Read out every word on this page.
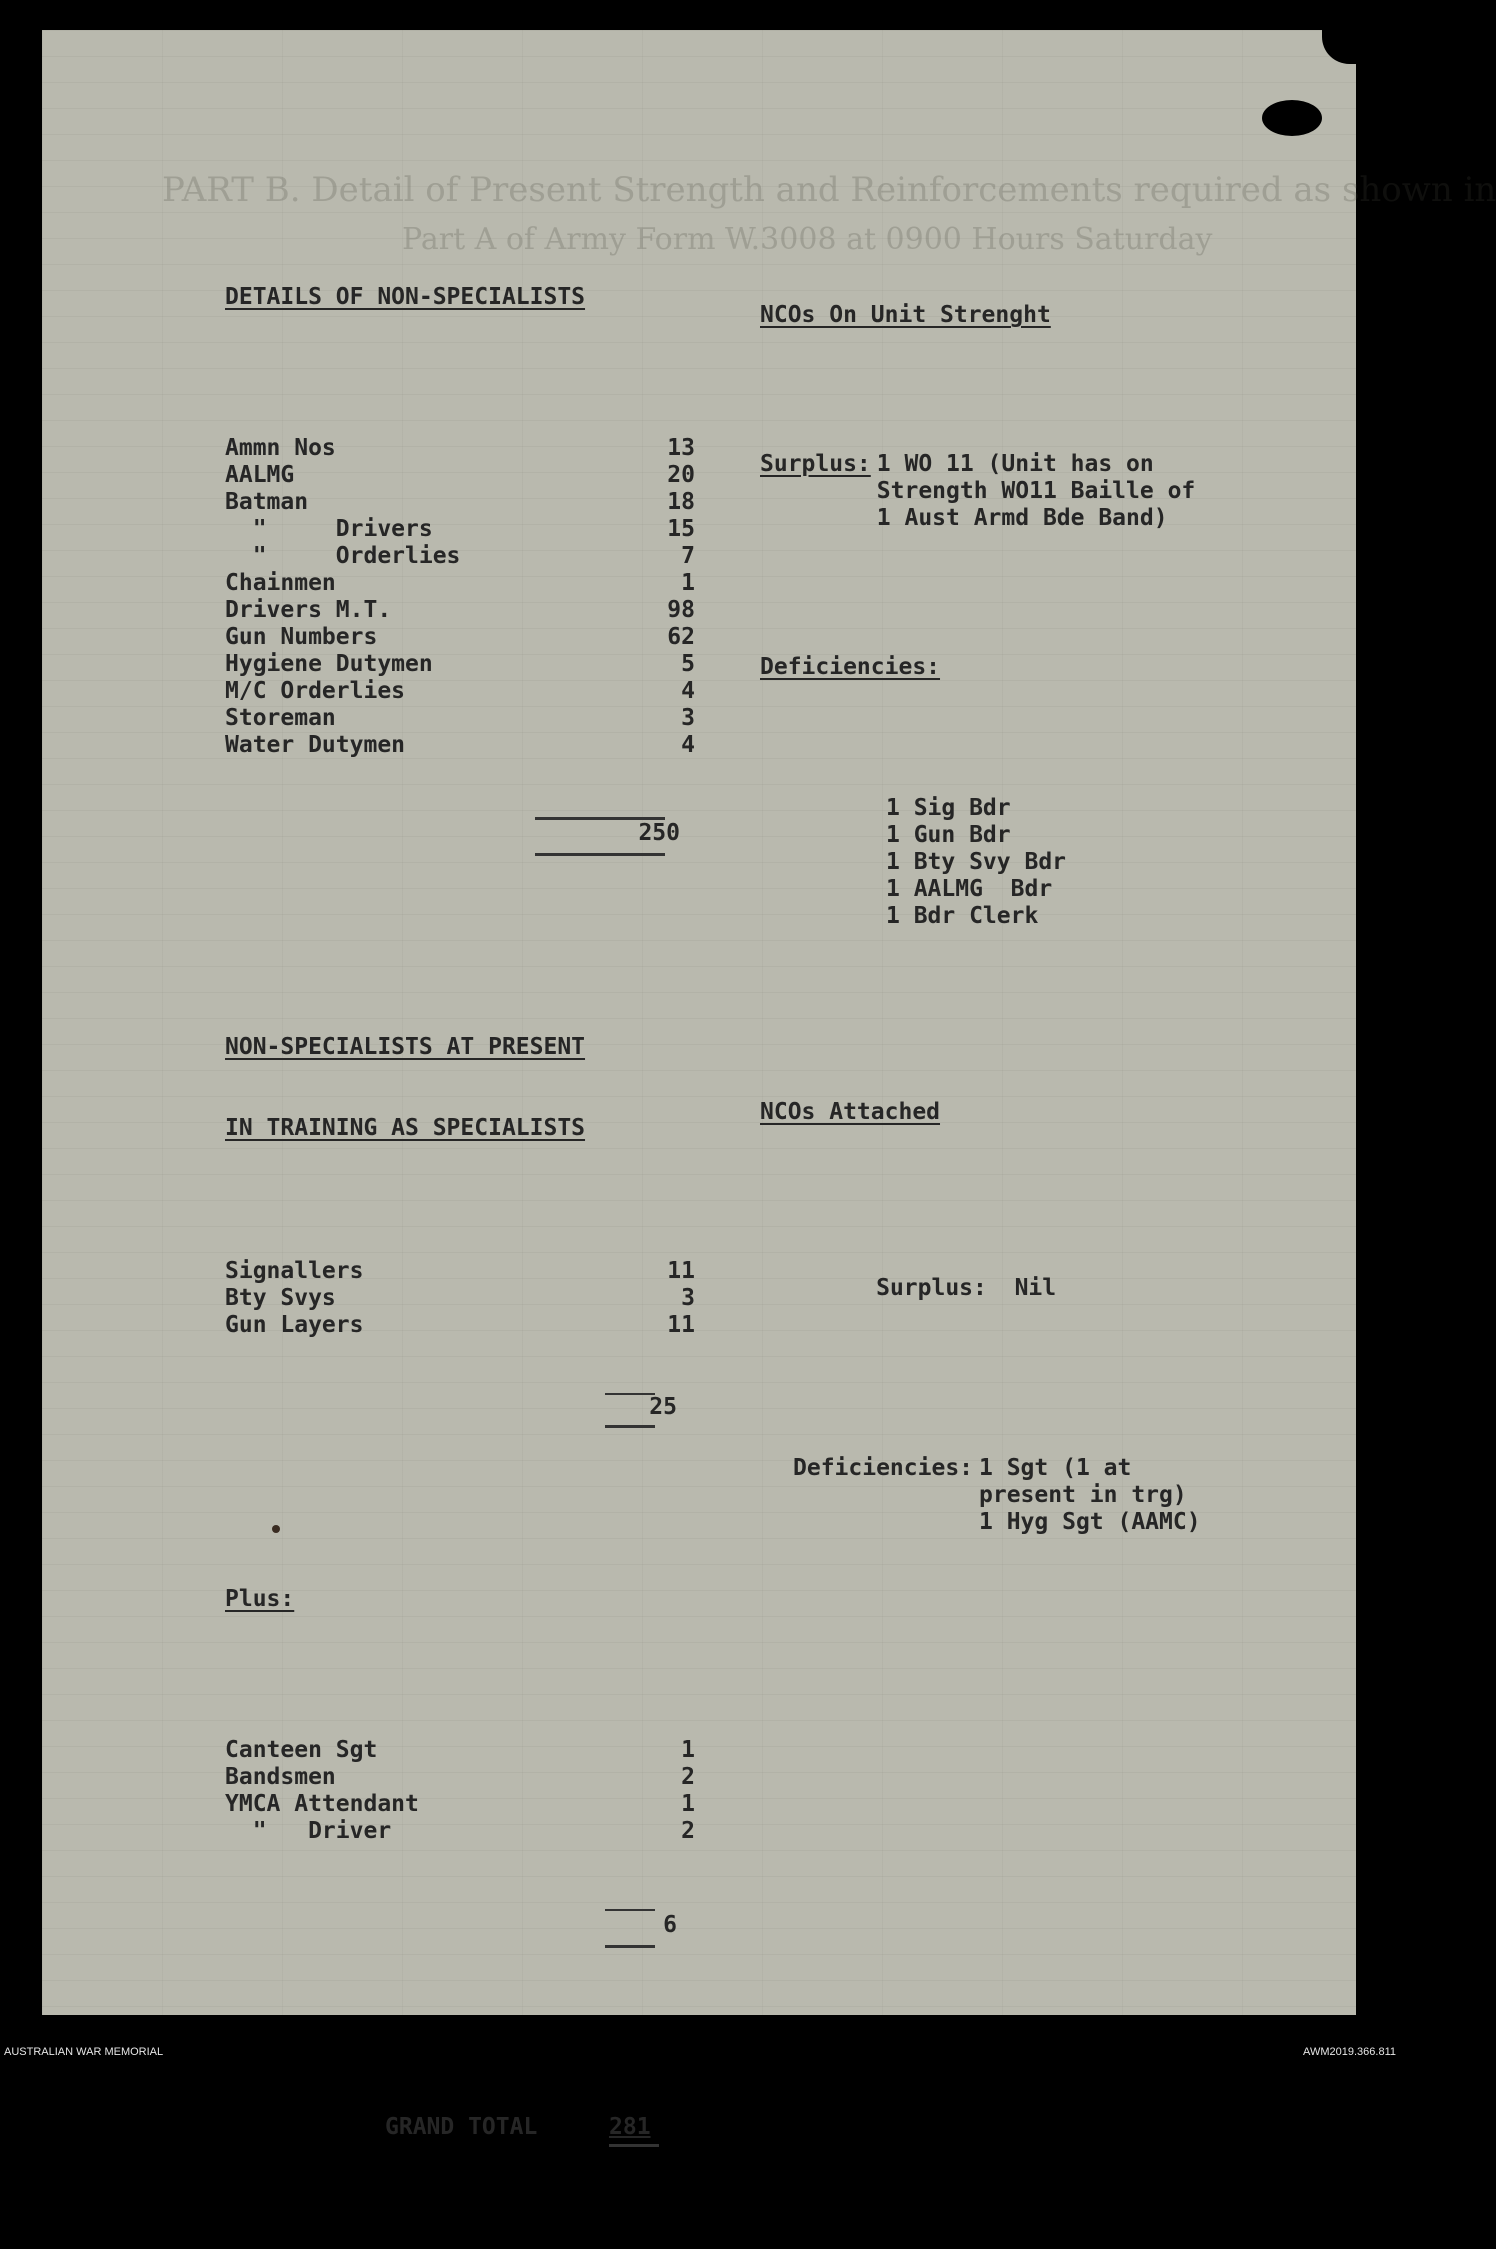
PART B. Detail of Present Strength and Reinforcements required as shown in
Part A of Army Form W.3008 at 0900 Hours Saturday

DETAILS OF NON-SPECIALISTS

Ammn Nos	13
AALMG	20
Batman	18
"     Drivers	15
"     Orderlies	7
Chainmen	1
Drivers M.T.	98
Gun Numbers	62
Hygiene Dutymen	5
M/C Orderlies	4
Storeman	3
Water Dutymen	4

250

NON-SPECIALISTS AT PRESENT

IN TRAINING AS SPECIALISTS

Signallers	11
Bty Svys	3
Gun Layers	11

25

Plus:

Canteen Sgt	1
Bandsmen	2
YMCA Attendant	1
"   Driver	2

6

GRAND TOTAL

	281

NCOs On Unit Strenght

Surplus: 1 WO 11 (Unit has on
Strength WO11 Baille of
1 Aust Armd Bde Band)

Deficiencies:

1 Sig Bdr
1 Gun Bdr
1 Bty Svy Bdr
1 AALMG  Bdr
1 Bdr Clerk

NCOs Attached

Surplus: Nil

Deficiencies: 1 Sgt (1 at
present in trg)
1 Hyg Sgt (AAMC)

AUSTRALIAN WAR MEMORIAL	AWM2019.366.811
